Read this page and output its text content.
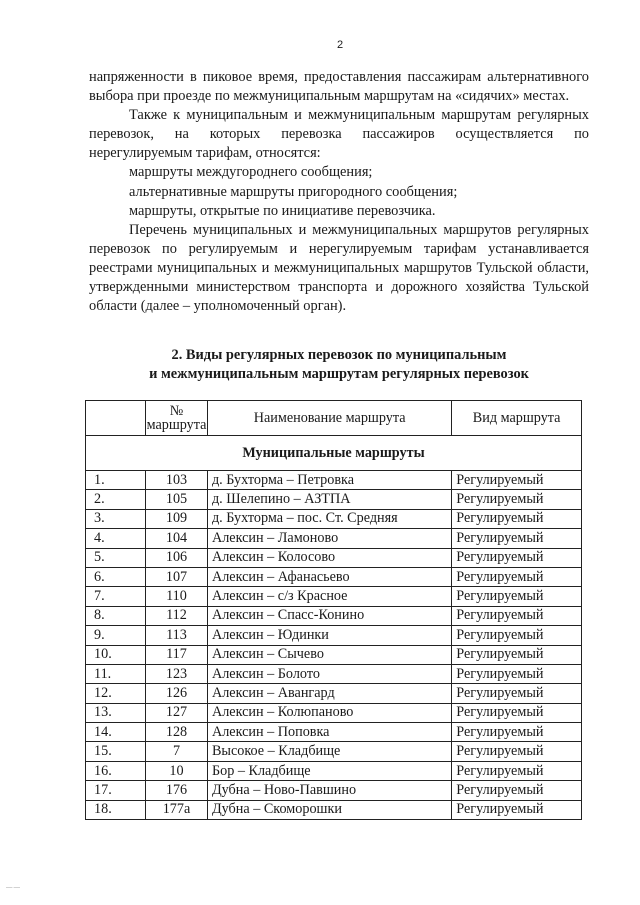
2

напряженности в пиковое время, предоставления пассажирам альтернативного выбора при проезде по межмуниципальным маршрутам на «сидячих» местах.

Также к муниципальным и межмуниципальным маршрутам регулярных перевозок, на которых перевозка пассажиров осуществляется по нерегулируемым тарифам, относятся:

маршруты междугороднего сообщения;

альтернативные маршруты пригородного сообщения;

маршруты, открытые по инициативе перевозчика.

Перечень муниципальных и межмуниципальных маршрутов регулярных перевозок по регулируемым и нерегулируемым тарифам устанавливается реестрами муниципальных и межмуниципальных маршрутов Тульской области, утвержденными министерством транспорта и дорожного хозяйства Тульской области (далее – уполномоченный орган).

2. Виды регулярных перевозок по муниципальным
и межмуниципальным маршрутам регулярных перевозок
	№
маршрута	Наименование маршрута	Вид маршрута
Муниципальные маршруты			
1.	103	д. Бухторма – Петровка	Регулируемый
2.	105	д. Шелепино – АЗТПА	Регулируемый
3.	109	д. Бухторма – пос. Ст. Средняя	Регулируемый
4.	104	Алексин – Ламоново	Регулируемый
5.	106	Алексин – Колосово	Регулируемый
6.	107	Алексин – Афанасьево	Регулируемый
7.	110	Алексин – с/з Красное	Регулируемый
8.	112	Алексин – Спасс-Конино	Регулируемый
9.	113	Алексин – Юдинки	Регулируемый
10.	117	Алексин – Сычево	Регулируемый
11.	123	Алексин – Болото	Регулируемый
12.	126	Алексин – Авангард	Регулируемый
13.	127	Алексин – Колюпаново	Регулируемый
14.	128	Алексин – Поповка	Регулируемый
15.	7	Высокое – Кладбище	Регулируемый
16.	10	Бор – Кладбище	Регулируемый
17.	176	Дубна – Ново-Павшино	Регулируемый
18.	177а	Дубна – Скоморошки	Регулируемый
—·—
